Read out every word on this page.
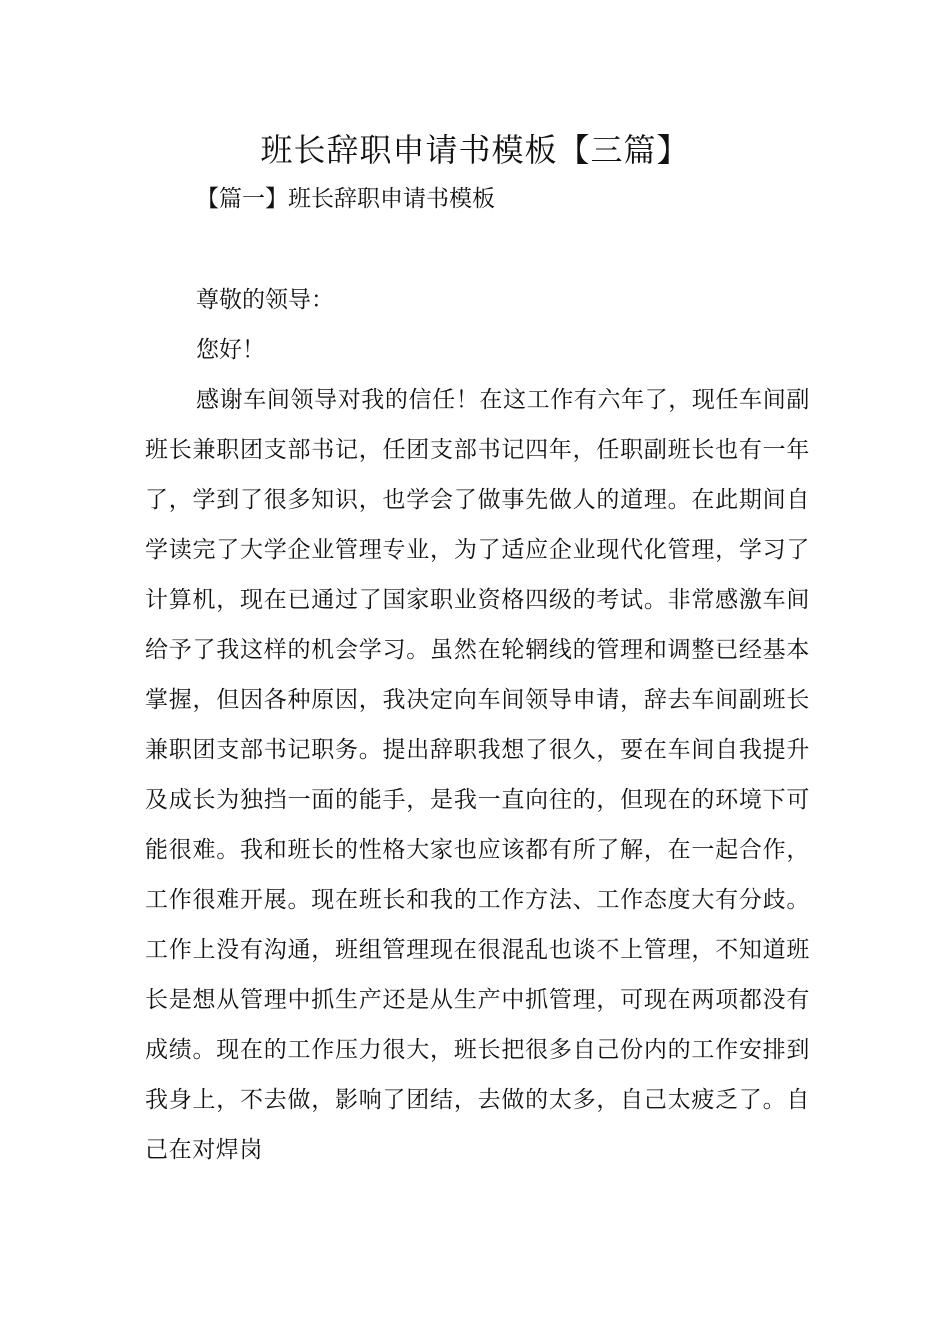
班长辞职申请书模板【三篇】

【篇一】班长辞职申请书模板

尊敬的领导：

您好！

感谢车间领导对我的信任！在这工作有六年了，现任车间副班长兼职团支部书记，任团支部书记四年，任职副班长也有一年了，学到了很多知识，也学会了做事先做人的道理。在此期间自学读完了大学企业管理专业，为了适应企业现代化管理，学习了计算机，现在已通过了国家职业资格四级的考试。非常感激车间给予了我这样的机会学习。虽然在轮辋线的管理和调整已经基本掌握，但因各种原因，我决定向车间领导申请，辞去车间副班长兼职团支部书记职务。提出辞职我想了很久，要在车间自我提升及成长为独挡一面的能手，是我一直向往的，但现在的环境下可能很难。我和班长的性格大家也应该都有所了解，在一起合作，工作很难开展。现在班长和我的工作方法、工作态度大有分歧。工作上没有沟通，班组管理现在很混乱也谈不上管理，不知道班长是想从管理中抓生产还是从生产中抓管理，可现在两项都没有成绩。现在的工作压力很大，班长把很多自己份内的工作安排到我身上，不去做，影响了团结，去做的太多，自己太疲乏了。自己在对焊岗
